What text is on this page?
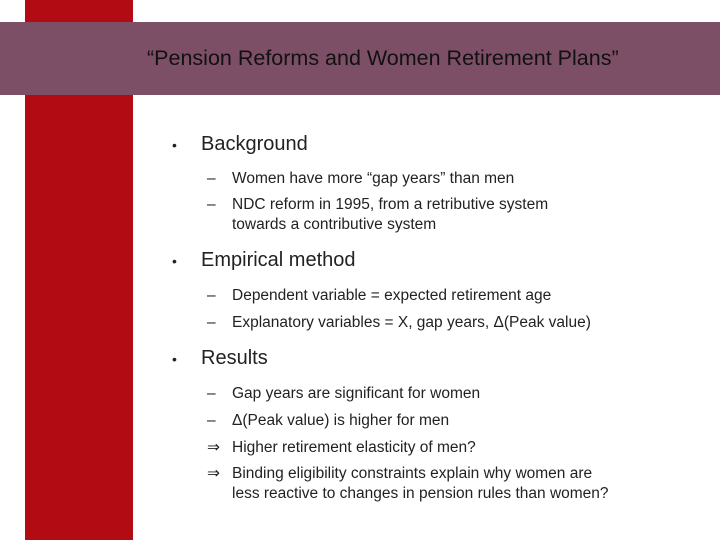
“Pension Reforms and Women Retirement Plans”
•	Background
–	Women have more “gap years” than men
–	NDC reform in 1995, from a retributive system
towards a contributive system
•	Empirical method
–	Dependent variable = expected retirement age
–	Explanatory variables = X, gap years, Δ(Peak value)
•	Results
–	Gap years are significant for women
–	Δ(Peak value) is higher for men
⇒ Higher retirement elasticity of men?
⇒ Binding eligibility constraints explain why women are
less reactive to changes in pension rules than women?
